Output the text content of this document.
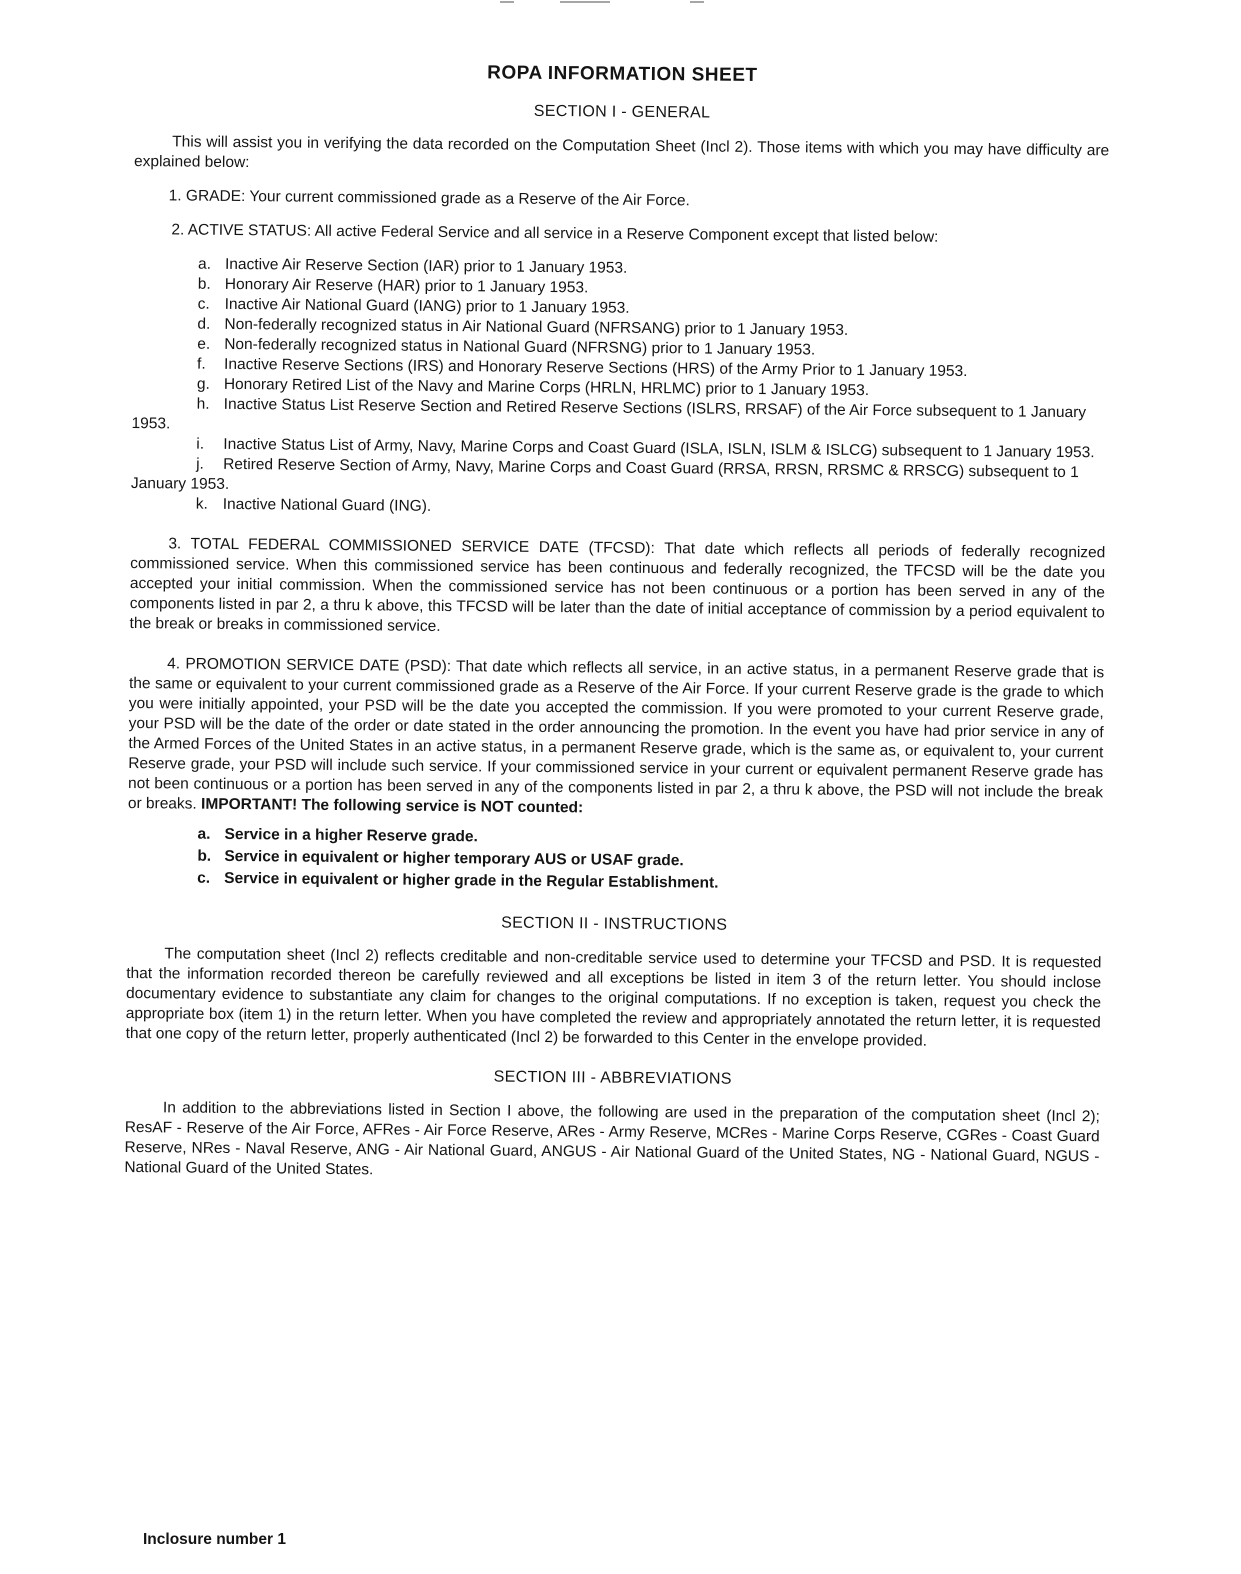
ROPA INFORMATION SHEET
SECTION I - GENERAL

This will assist you in verifying the data recorded on the Computation Sheet (Incl 2). Those items with which you may have difficulty are explained below:

1. GRADE: Your current commissioned grade as a Reserve of the Air Force.

2. ACTIVE STATUS: All active Federal Service and all service in a Reserve Component except that listed below:

a. Inactive Air Reserve Section (IAR) prior to 1 January 1953.
b. Honorary Air Reserve (HAR) prior to 1 January 1953.
c. Inactive Air National Guard (IANG) prior to 1 January 1953.
d. Non-federally recognized status in Air National Guard (NFRSANG) prior to 1 January 1953.
e. Non-federally recognized status in National Guard (NFRSNG) prior to 1 January 1953.
f. Inactive Reserve Sections (IRS) and Honorary Reserve Sections (HRS) of the Army Prior to 1 January 1953.
g. Honorary Retired List of the Navy and Marine Corps (HRLN, HRLMC) prior to 1 January 1953.
h. Inactive Status List Reserve Section and Retired Reserve Sections (ISLRS, RRSAF) of the Air Force subsequent to 1 January 1953.
i. Inactive Status List of Army, Navy, Marine Corps and Coast Guard (ISLA, ISLN, ISLM & ISLCG) subsequent to 1 January 1953.
j. Retired Reserve Section of Army, Navy, Marine Corps and Coast Guard (RRSA, RRSN, RRSMC & RRSCG) subsequent to 1 January 1953.
k. Inactive National Guard (ING).

3. TOTAL FEDERAL COMMISSIONED SERVICE DATE (TFCSD): That date which reflects all periods of federally recognized commissioned service. When this commissioned service has been continuous and federally recognized, the TFCSD will be the date you accepted your initial commission. When the commissioned service has not been continuous or a portion has been served in any of the components listed in par 2, a thru k above, this TFCSD will be later than the date of initial acceptance of commission by a period equivalent to the break or breaks in commissioned service.

4. PROMOTION SERVICE DATE (PSD): That date which reflects all service, in an active status, in a permanent Reserve grade that is the same or equivalent to your current commissioned grade as a Reserve of the Air Force. If your current Reserve grade is the grade to which you were initially appointed, your PSD will be the date you accepted the commission. If you were promoted to your current Reserve grade, your PSD will be the date of the order or date stated in the order announcing the promotion. In the event you have had prior service in any of the Armed Forces of the United States in an active status, in a permanent Reserve grade, which is the same as, or equivalent to, your current Reserve grade, your PSD will include such service. If your commissioned service in your current or equivalent permanent Reserve grade has not been continuous or a portion has been served in any of the components listed in par 2, a thru k above, the PSD will not include the break or breaks. IMPORTANT! The following service is NOT counted:

a. Service in a higher Reserve grade.
b. Service in equivalent or higher temporary AUS or USAF grade.
c. Service in equivalent or higher grade in the Regular Establishment.
SECTION II - INSTRUCTIONS

The computation sheet (Incl 2) reflects creditable and non-creditable service used to determine your TFCSD and PSD. It is requested that the information recorded thereon be carefully reviewed and all exceptions be listed in item 3 of the return letter. You should inclose documentary evidence to substantiate any claim for changes to the original computations. If no exception is taken, request you check the appropriate box (item 1) in the return letter. When you have completed the review and appropriately annotated the return letter, it is requested that one copy of the return letter, properly authenticated (Incl 2) be forwarded to this Center in the envelope provided.

SECTION III - ABBREVIATIONS

In addition to the abbreviations listed in Section I above, the following are used in the preparation of the computation sheet (Incl 2); ResAF - Reserve of the Air Force, AFRes - Air Force Reserve, ARes - Army Reserve, MCRes - Marine Corps Reserve, CGRes - Coast Guard Reserve, NRes - Naval Reserve, ANG - Air National Guard, ANGUS - Air National Guard of the United States, NG - National Guard, NGUS - National Guard of the United States.

Inclosure number 1
